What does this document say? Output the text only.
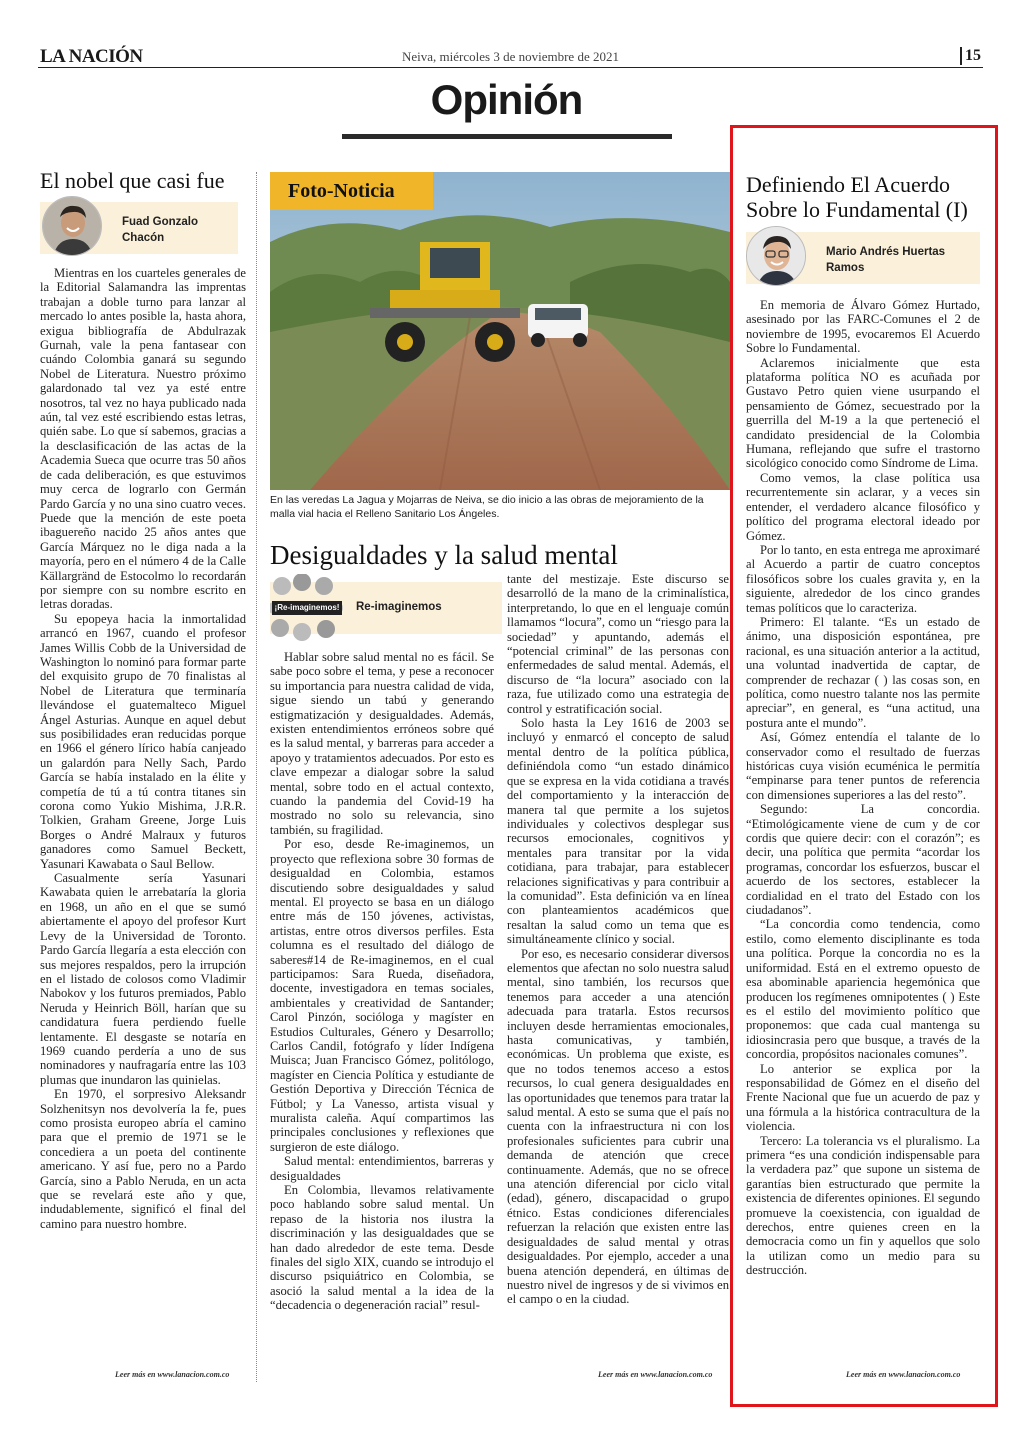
LA NACIÓN	Neiva, miércoles 3 de noviembre de 2021	15
Opinión
El nobel que casi fue
Fuad Gonzalo Chacón

Mientras en los cuarteles generales de la Editorial Salamandra las imprentas trabajan a doble turno para lanzar al mercado lo antes posible la, hasta ahora, exigua bibliografía de Abdulrazak Gurnah, vale la pena fantasear con cuándo Colombia ganará su segundo Nobel de Literatura. Nuestro próximo galardonado tal vez ya esté entre nosotros, tal vez no haya publicado nada aún, tal vez esté escribiendo estas letras, quién sabe. Lo que sí sabemos, gracias a la desclasificación de las actas de la Academia Sueca que ocurre tras 50 años de cada deliberación, es que estuvimos muy cerca de lograrlo con Germán Pardo García y no una sino cuatro veces. Puede que la mención de este poeta ibaguereño nacido 25 años antes que García Márquez no le diga nada a la mayoría, pero en el número 4 de la Calle Källargränd de Estocolmo lo recordarán por siempre con su nombre escrito en letras doradas.

Su epopeya hacia la inmortalidad arrancó en 1967, cuando el profesor James Willis Cobb de la Universidad de Washington lo nominó para formar parte del exquisito grupo de 70 finalistas al Nobel de Literatura que terminaría llevándose el guatemalteco Miguel Ángel Asturias. Aunque en aquel debut sus posibilidades eran reducidas porque en 1966 el género lírico había canjeado un galardón para Nelly Sach, Pardo García se había instalado en la élite y competía de tú a tú contra titanes sin corona como Yukio Mishima, J.R.R. Tolkien, Graham Greene, Jorge Luis Borges o André Malraux y futuros ganadores como Samuel Beckett, Yasunari Kawabata o Saul Bellow.

Casualmente sería Yasunari Kawabata quien le arrebataría la gloria en 1968, un año en el que se sumó abiertamente el apoyo del profesor Kurt Levy de la Universidad de Toronto. Pardo García llegaría a esta elección con sus mejores respaldos, pero la irrupción en el listado de colosos como Vladimir Nabokov y los futuros premiados, Pablo Neruda y Heinrich Böll, harían que su candidatura fuera perdiendo fuelle lentamente. El desgaste se notaría en 1969 cuando perdería a uno de sus nominadores y naufragaría entre las 103 plumas que inundaron las quinielas.

En 1970, el sorpresivo Aleksandr Solzhenitsyn nos devolvería la fe, pues como prosista europeo abría el camino para que el premio de 1971 se le concediera a un poeta del continente americano. Y así fue, pero no a Pardo García, sino a Pablo Neruda, en un acta que se revelará este año y que, indudablemente, significó el final del camino para nuestro hombre.

Leer más en www.lanacion.com.co
Foto-Noticia
En las veredas La Jagua y Mojarras de Neiva, se dio inicio a las obras de mejoramiento de la malla vial hacia el Relleno Sanitario Los Ángeles.
Desigualdades y la salud mental
¡Re-imaginemos! Re-imaginemos

Hablar sobre salud mental no es fácil. Se sabe poco sobre el tema, y pese a reconocer su importancia para nuestra calidad de vida, sigue siendo un tabú y generando estigmatización y desigualdades. Además, existen entendimientos erróneos sobre qué es la salud mental, y barreras para acceder a apoyo y tratamientos adecuados. Por esto es clave empezar a dialogar sobre la salud mental, sobre todo en el actual contexto, cuando la pandemia del Covid-19 ha mostrado no solo su relevancia, sino también, su fragilidad.

Por eso, desde Re-imaginemos, un proyecto que reflexiona sobre 30 formas de desigualdad en Colombia, estamos discutiendo sobre desigualdades y salud mental. El proyecto se basa en un diálogo entre más de 150 jóvenes, activistas, artistas, entre otros diversos perfiles. Esta columna es el resultado del diálogo de saberes#14 de Re-imaginemos, en el cual participamos: Sara Rueda, diseñadora, docente, investigadora en temas sociales, ambientales y creatividad de Santander; Carol Pinzón, socióloga y magíster en Estudios Culturales, Género y Desarrollo; Carlos Candil, fotógrafo y líder Indígena Muisca; Juan Francisco Gómez, politólogo, magíster en Ciencia Política y estudiante de Gestión Deportiva y Dirección Técnica de Fútbol; y La Vanesso, artista visual y muralista caleña. Aquí compartimos las principales conclusiones y reflexiones que surgieron de este diálogo.

Salud mental: entendimientos, barreras y desigualdades

En Colombia, llevamos relativamente poco hablando sobre salud mental. Un repaso de la historia nos ilustra la discriminación y las desigualdades que se han dado alrededor de este tema. Desde finales del siglo XIX, cuando se introdujo el discurso psiquiátrico en Colombia, se asoció la salud mental a la idea de la “decadencia o degeneración racial” resul-

tante del mestizaje. Este discurso se desarrolló de la mano de la criminalística, interpretando, lo que en el lenguaje común llamamos “locura”, como un “riesgo para la sociedad” y apuntando, además el “potencial criminal” de las personas con enfermedades de salud mental. Además, el discurso de “la locura” asociado con la raza, fue utilizado como una estrategia de control y estratificación social.

Solo hasta la Ley 1616 de 2003 se incluyó y enmarcó el concepto de salud mental dentro de la política pública, definiéndola como “un estado dinámico que se expresa en la vida cotidiana a través del comportamiento y la interacción de manera tal que permite a los sujetos individuales y colectivos desplegar sus recursos emocionales, cognitivos y mentales para transitar por la vida cotidiana, para trabajar, para establecer relaciones significativas y para contribuir a la comunidad”. Esta definición va en línea con planteamientos académicos que resaltan la salud como un tema que es simultáneamente clínico y social.

Por eso, es necesario considerar diversos elementos que afectan no solo nuestra salud mental, sino también, los recursos que tenemos para acceder a una atención adecuada para tratarla. Estos recursos incluyen desde herramientas emocionales, hasta comunicativas, y también, económicas. Un problema que existe, es que no todos tenemos acceso a estos recursos, lo cual genera desigualdades en las oportunidades que tenemos para tratar la salud mental. A esto se suma que el país no cuenta con la infraestructura ni con los profesionales suficientes para cubrir una demanda de atención que crece continuamente. Además, que no se ofrece una atención diferencial por ciclo vital (edad), género, discapacidad o grupo étnico. Estas condiciones diferenciales refuerzan la relación que existen entre las desigualdades de salud mental y otras desigualdades. Por ejemplo, acceder a una buena atención dependerá, en últimas de nuestro nivel de ingresos y de si vivimos en el campo o en la ciudad.

Leer más en www.lanacion.com.co
Definiendo El Acuerdo Sobre lo Fundamental (I)
Mario Andrés Huertas Ramos

En memoria de Álvaro Gómez Hurtado, asesinado por las FARC-Comunes el 2 de noviembre de 1995, evocaremos El Acuerdo Sobre lo Fundamental.

Aclaremos inicialmente que esta plataforma política NO es acuñada por Gustavo Petro quien viene usurpando el pensamiento de Gómez, secuestrado por la guerrilla del M-19 a la que perteneció el candidato presidencial de la Colombia Humana, reflejando que sufre el trastorno sicológico conocido como Síndrome de Lima.

Como vemos, la clase política usa recurrentemente sin aclarar, y a veces sin entender, el verdadero alcance filosófico y político del programa electoral ideado por Gómez.

Por lo tanto, en esta entrega me aproximaré al Acuerdo a partir de cuatro conceptos filosóficos sobre los cuales gravita y, en la siguiente, alrededor de los cinco grandes temas políticos que lo caracteriza.

Primero: El talante. “Es un estado de ánimo, una disposición espontánea, pre racional, es una situación anterior a la actitud, una voluntad inadvertida de captar, de comprender de rechazar ( ) las cosas son, en política, como nuestro talante nos las permite apreciar”, en general, es “una actitud, una postura ante el mundo”.

Así, Gómez entendía el talante de lo conservador como el resultado de fuerzas históricas cuya visión ecuménica le permitía “empinarse para tener puntos de referencia con dimensiones superiores a las del resto”.

Segundo: La concordia. “Etimológicamente viene de cum y de cor cordis que quiere decir: con el corazón”; es decir, una política que permita “acordar los programas, concordar los esfuerzos, buscar el acuerdo de los sectores, establecer la cordialidad en el trato del Estado con los ciudadanos”.

“La concordia como tendencia, como estilo, como elemento disciplinante es toda una política. Porque la concordia no es la uniformidad. Está en el extremo opuesto de esa abominable apariencia hegemónica que producen los regímenes omnipotentes ( ) Este es el estilo del movimiento político que proponemos: que cada cual mantenga su idiosincrasia pero que busque, a través de la concordia, propósitos nacionales comunes”.

Lo anterior se explica por la responsabilidad de Gómez en el diseño del Frente Nacional que fue un acuerdo de paz y una fórmula a la histórica contracultura de la violencia.

Tercero: La tolerancia vs el pluralismo. La primera “es una condición indispensable para la verdadera paz” que supone un sistema de garantías bien estructurado que permite la existencia de diferentes opiniones. El segundo promueve la coexistencia, con igualdad de derechos, entre quienes creen en la democracia como un fin y aquellos que solo la utilizan como un medio para su destrucción.

Leer más en www.lanacion.com.co
